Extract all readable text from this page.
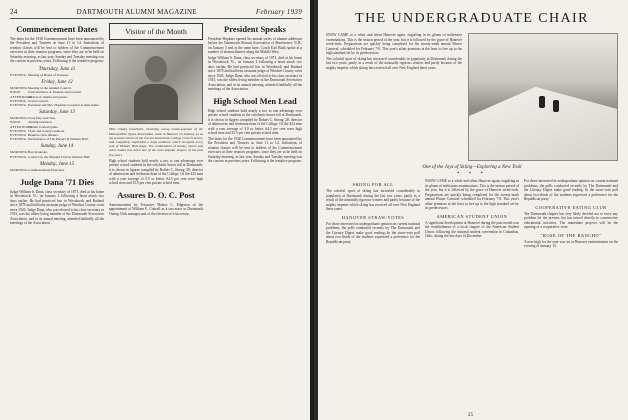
24	DARTMOUTH ALUMNI MAGAZINE	February 1939
Commencement Dates

The dates for the 1938 Commencement have been announced by the President and Trustees as June 11 to 14. Invitations of reunion classes will be sent to holders of the Commencement exercises in their reunion programs, since they are to be held on Saturday morning, as last year. Sunday and Tuesday meeting was the custom in previous years. Following is the tentative program:

Thursday, June 11
EVENING Meeting of Board of Trustees.
Friday, June 12
MORNING Meeting of the Alumni Council.
NOON	Joint luncheon of Trustees and Council.
AFTERNOON
Arrival of alumni and guests.
EVENING Grand Concert.
EVENING President and Mrs. Hopkins' reception at their home.
Saturday, June 13
MORNING Class Day exercises.
NOON	Alumni luncheon.
AFTERNOON
Cornell football game.
EVENING Class and society reunions.
EVENING Reunion class dinners.
EVENING Performance of The Players in Webster Hall.
Sunday, June 14
MORNING Baccalaureate.
EVENING Concert by the Wendell Club in Webster Hall.
Monday, June 15
MORNING Commencement Exercises.
Judge Dana '71 Dies

Judge William S. Dana, class secretary of 1871, died at his home in Woodstock, Vt., on January 2 following a heart attack two days earlier. He had practiced law in Woodstock and Rutland since 1878 and had been assistant judge of Windsor County court since 1926. Judge Dana, who was elected to his class secretary in 1915, was the oldest living member of the Dartmouth Secretaries Association, and at its annual meeting, attended faithfully all the meetings of the Association.

Visitor of the Month

Miss Gladys Swarthout, charming young mezzo-soprano of the Metropolitan Opera Association, came to Hanover on January 21 as the second concert of the current Dartmouth College Concert Series, and completely captivated a huge audience which occupied every seat of Webster Hall stage. The combination of beauty, charm and voice makes this artist one of the most popular singers of the past few years.

High school students hold nearly a two to one advantage over private school students in the scholastic honor roll at Dartmouth, it is shown in figures compiled by Robert C. Strong '28, director of admissions and freshman dean of the College. Of the 434 men with a year average of 3.0 or better, 64.5 per cent were high school men and 35.5 per cent private school men.

Assures D. O. C. Post

Announcement by Treasurer 'Halsey C. Edgerton of the appointment of William E. Cottrell as a successor to Dartmouth Outing Club manager and of the election of a successor.

President Speaks

President Hopkins opened his annual series of alumni addresses before the Dartmouth Alumni Association of Manchester, N.H., on January 5 and at the same time, Coach Earl Blaik spoke at a number of alumni dinners along the Middle West.

Judge William S. Dana, class secretary of 1871, died at his home in Woodstock, Vt., on January 2 following a heart attack two days earlier. He had practiced law in Woodstock and Rutland since 1878 and had been assistant judge of Windsor County court since 1926. Judge Dana, who was elected to his class secretary in 1915, was the oldest living member of the Dartmouth Secretaries Association, and at its annual meeting, attended faithfully all the meetings of the Association.

High School Men Lead

High school students hold nearly a two to one advantage over private school students in the scholastic honor roll at Dartmouth, it is shown in figures compiled by Robert C. Strong '28, director of admissions and freshman dean of the College. Of the 434 men with a year average of 3.0 or better, 64.5 per cent were high school men and 35.5 per cent private school men.

The dates for the 1938 Commencement have been announced by the President and Trustees as June 11 to 14. Invitations of reunion classes will be sent to holders of the Commencement exercises in their reunion programs, since they are to be held on Saturday morning, as last year. Sunday and Tuesday meeting was the custom in previous years. Following is the tentative program:

THE UNDERGRADUATE CHAIR

SNOW CAME to a white and silent Hanover again, engulfing in its gleam of midwinter examinations. This is the season period of the year, but it is followed by the grace of Hanover week-ends. Preparations are quickly being completed for the twenty-ninth annual Winter Carnival, scheduled for February 7-8. This year's affair promises at the least to live up to the high standard set by its predecessors.

The colorful sport of skiing has increased considerably in popularity at Dartmouth during the last two years, partly as a result of the unusually rigorous winters and partly because of the mighty impetus which skiing has received all over New England these years.

One of the Joys of Skiing—Exploring a New Trail
* * *
SKIING FOR ALL

The colorful sport of skiing has increased considerably in popularity at Dartmouth during the last two years, partly as a result of the unusually rigorous winters and partly because of the mighty impetus which skiing has received all over New England these years.

HANOVER STRAW-VOTES

For those interested in undergraduate opinion on current national problems, the polls conducted recently by The Dartmouth and the Literary Digest make good reading. In the straw-vote poll about two-thirds of the students expressed a preference for the Republican party.

SNOW CAME to a white and silent Hanover again, engulfing in its gleam of midwinter examinations. This is the season period of the year, but it is followed by the grace of Hanover week-ends. Preparations are quickly being completed for the twenty-ninth annual Winter Carnival, scheduled for February 7-8. This year's affair promises at the least to live up to the high standard set by its predecessors.

AMERICAN STUDENT UNION

A significant development at Hanover during the past month was the establishment of a local chapter of the American Student Union, following the national student convention in Columbus, Ohio, during the last days of December.

For those interested in undergraduate opinion on current national problems, the polls conducted recently by The Dartmouth and the Literary Digest make good reading. In the straw-vote poll about two-thirds of the students expressed a preference for the Republican party.

COOPERATIVE EATING CLUB

The Dartmouth chapter has very likely decided not to force any problem for the present, but has turned directly to constructive educational activities. The immediate projects will be the opening of a cooperative store.

"ROSE OF THE RANCHO"

A new high for the year was set in Hanover entertainment on the evening of January 13.

25
